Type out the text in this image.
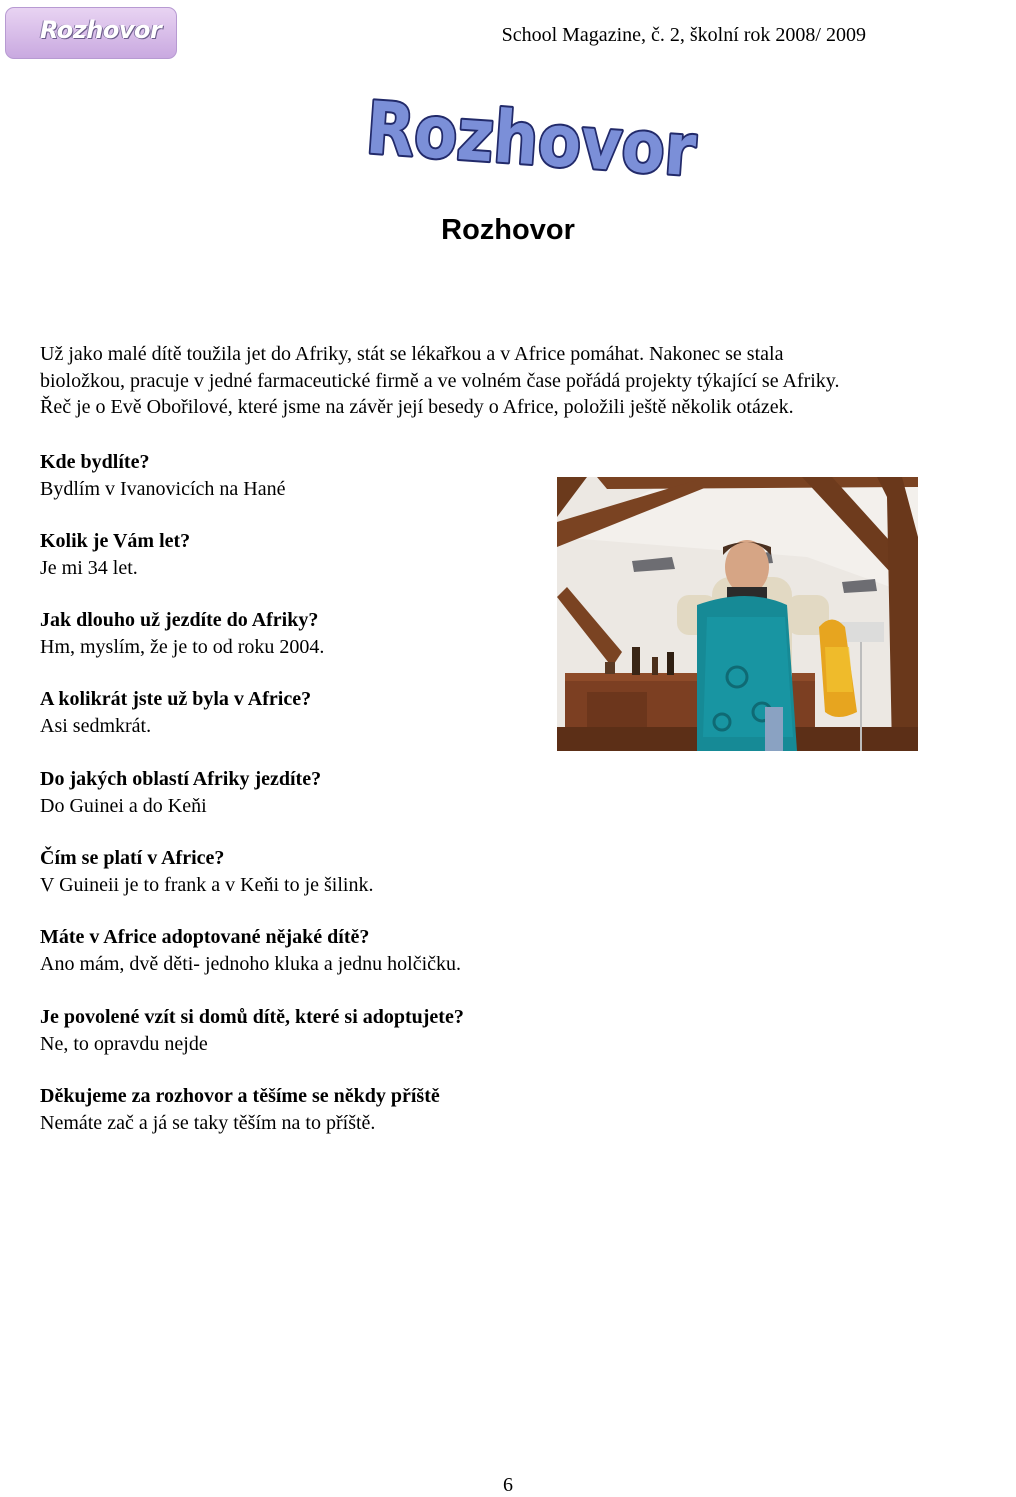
Rozhovor	School Magazine, č. 2, školní rok 2008/ 2009
Rozhovor
Rozhovor
Už jako malé dítě toužila jet do Afriky, stát se lékařkou a v Africe pomáhat. Nakonec se stala
bioložkou, pracuje v jedné farmaceutické firmě a ve volném čase pořádá projekty týkající se Afriky.
Řeč je o Evě Obořilové, které jsme na závěr její besedy o Africe, položili ještě několik otázek.
Kde bydlíte?
Bydlím v Ivanovicích na Hané
Kolik je Vám let?
Je mi 34 let.
Jak dlouho už jezdíte do Afriky?
Hm, myslím, že je to od roku 2004.
A kolikrát jste už byla v Africe?
Asi sedmkrát.
Do jakých oblastí Afriky jezdíte?
Do Guinei a do Keňi
Čím se platí v Africe?
V Guineii je to frank a v Keňi to je šilink.
Máte v Africe adoptované nějaké dítě?
Ano mám, dvě děti- jednoho kluka a jednu holčičku.
Je povolené vzít si domů dítě, které si adoptujete?
Ne, to opravdu nejde
Děkujeme za rozhovor a těšíme se někdy příště
Nemáte zač a já se taky těším na to příště.
6
